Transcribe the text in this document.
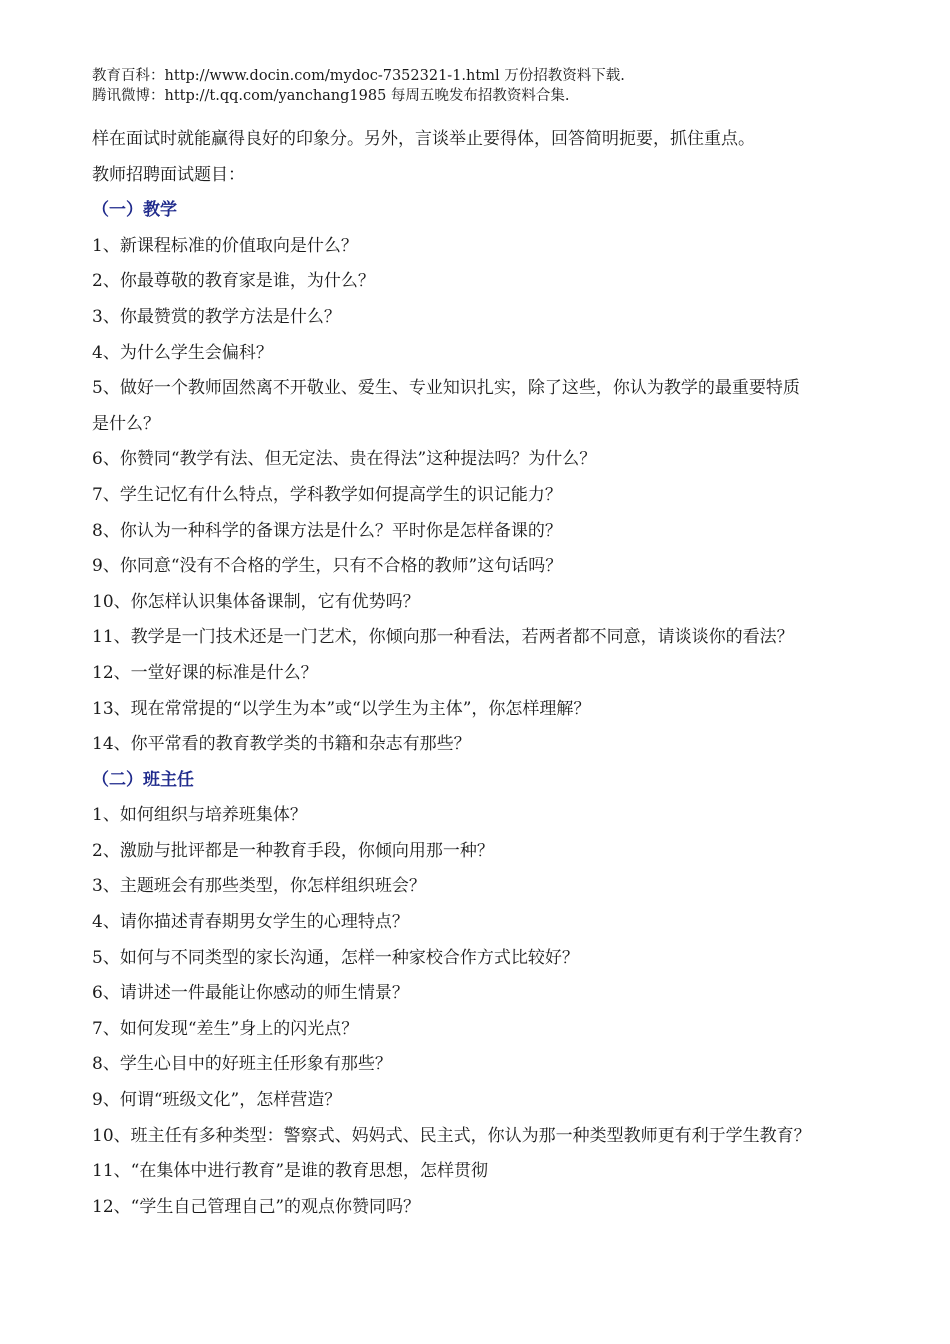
教育百科：http://www.docin.com/mydoc-7352321-1.html 万份招教资料下载.
腾讯微博：http://t.qq.com/yanchang1985 每周五晚发布招教资料合集.
样在面试时就能赢得良好的印象分。另外，言谈举止要得体，回答简明扼要，抓住重点。
教师招聘面试题目：
（一）教学
1、新课程标准的价值取向是什么？
2、你最尊敬的教育家是谁，为什么？
3、你最赞赏的教学方法是什么？
4、为什么学生会偏科？
5、做好一个教师固然离不开敬业、爱生、专业知识扎实，除了这些，你认为教学的最重要特质
是什么？
6、你赞同“教学有法、但无定法、贵在得法”这种提法吗？为什么？
7、学生记忆有什么特点，学科教学如何提高学生的识记能力？
8、你认为一种科学的备课方法是什么？平时你是怎样备课的？
9、你同意“没有不合格的学生，只有不合格的教师”这句话吗？
10、你怎样认识集体备课制，它有优势吗？
11、教学是一门技术还是一门艺术，你倾向那一种看法，若两者都不同意，请谈谈你的看法？
12、一堂好课的标准是什么？
13、现在常常提的“以学生为本”或“以学生为主体”，你怎样理解？
14、你平常看的教育教学类的书籍和杂志有那些？
（二）班主任
1、如何组织与培养班集体？
2、激励与批评都是一种教育手段，你倾向用那一种？
3、主题班会有那些类型，你怎样组织班会？
4、请你描述青春期男女学生的心理特点？
5、如何与不同类型的家长沟通，怎样一种家校合作方式比较好？
6、请讲述一件最能让你感动的师生情景？
7、如何发现“差生”身上的闪光点？
8、学生心目中的好班主任形象有那些？
9、何谓“班级文化”，怎样营造？
10、班主任有多种类型：警察式、妈妈式、民主式，你认为那一种类型教师更有利于学生教育？
11、“在集体中进行教育”是谁的教育思想，怎样贯彻
12、“学生自己管理自己”的观点你赞同吗？
